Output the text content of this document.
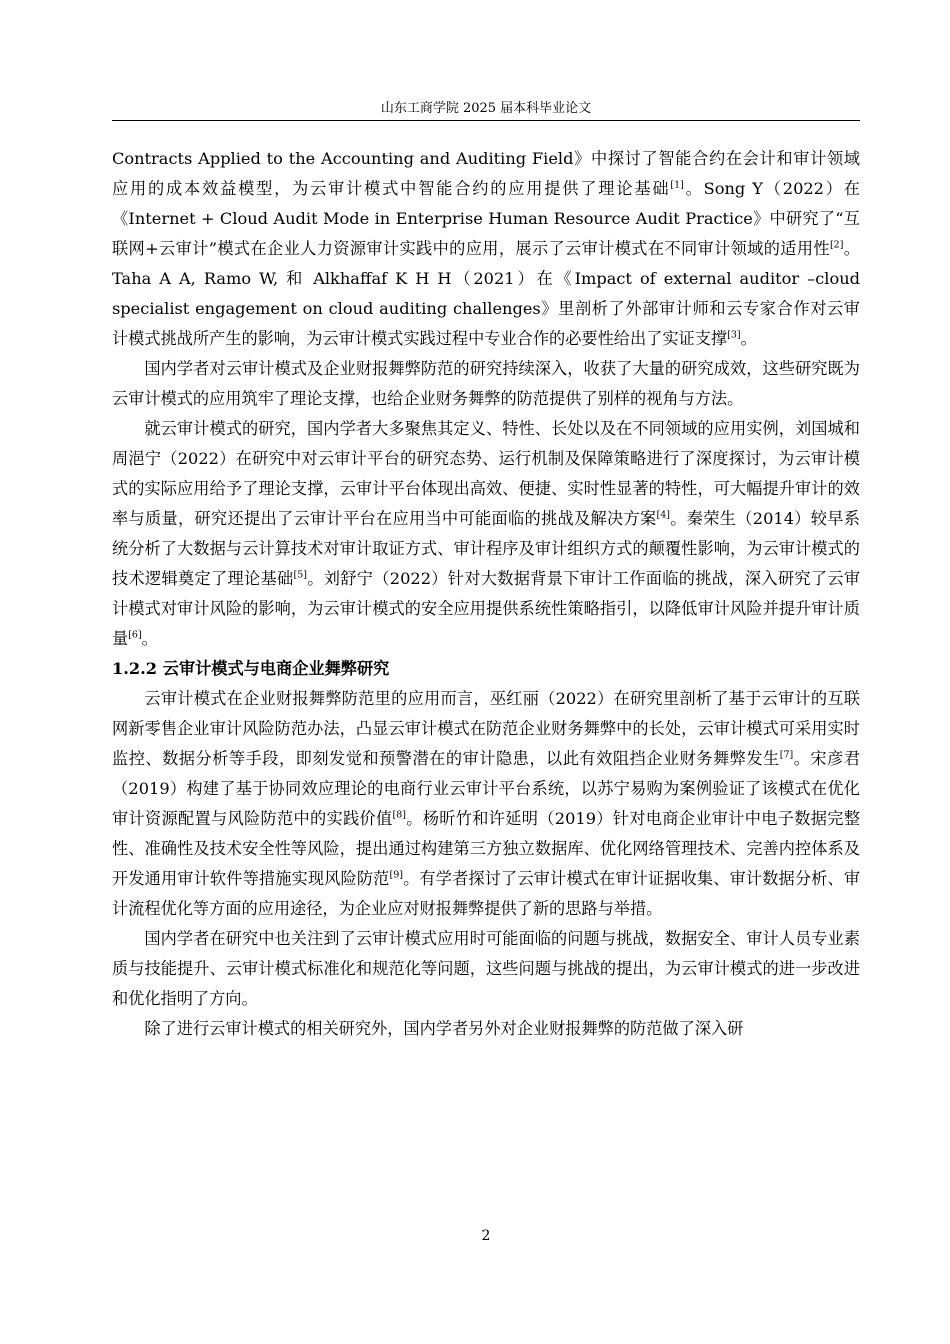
山东工商学院 2025 届本科毕业论文

Contracts Applied to the Accounting and Auditing Field》中探讨了智能合约在会计和审计领域应用的成本效益模型，为云审计模式中智能合约的应用提供了理论基础[1]。Song Y（2022）在《Internet + Cloud Audit Mode in Enterprise Human Resource Audit Practice》中研究了“互联网+云审计”模式在企业人力资源审计实践中的应用，展示了云审计模式在不同审计领域的适用性[2]。Taha A A, Ramo W, 和 Alkhaffaf K H H（2021）在《Impact of external auditor –cloud specialist engagement on cloud auditing challenges》里剖析了外部审计师和云专家合作对云审计模式挑战所产生的影响，为云审计模式实践过程中专业合作的必要性给出了实证支撑[3]。

国内学者对云审计模式及企业财报舞弊防范的研究持续深入，收获了大量的研究成效，这些研究既为云审计模式的应用筑牢了理论支撑，也给企业财务舞弊的防范提供了别样的视角与方法。

就云审计模式的研究，国内学者大多聚焦其定义、特性、长处以及在不同领域的应用实例，刘国城和周浥宁（2022）在研究中对云审计平台的研究态势、运行机制及保障策略进行了深度探讨，为云审计模式的实际应用给予了理论支撑，云审计平台体现出高效、便捷、实时性显著的特性，可大幅提升审计的效率与质量，研究还提出了云审计平台在应用当中可能面临的挑战及解决方案[4]。秦荣生（2014）较早系统分析了大数据与云计算技术对审计取证方式、审计程序及审计组织方式的颠覆性影响，为云审计模式的技术逻辑奠定了理论基础[5]。刘舒宁（2022）针对大数据背景下审计工作面临的挑战，深入研究了云审计模式对审计风险的影响，为云审计模式的安全应用提供系统性策略指引，以降低审计风险并提升审计质量[6]。

1.2.2 云审计模式与电商企业舞弊研究

云审计模式在企业财报舞弊防范里的应用而言，巫红丽（2022）在研究里剖析了基于云审计的互联网新零售企业审计风险防范办法，凸显云审计模式在防范企业财务舞弊中的长处，云审计模式可采用实时监控、数据分析等手段，即刻发觉和预警潜在的审计隐患，以此有效阻挡企业财务舞弊发生[7]。宋彦君（2019）构建了基于协同效应理论的电商行业云审计平台系统，以苏宁易购为案例验证了该模式在优化审计资源配置与风险防范中的实践价值[8]。杨昕竹和许延明（2019）针对电商企业审计中电子数据完整性、准确性及技术安全性等风险，提出通过构建第三方独立数据库、优化网络管理技术、完善内控体系及开发通用审计软件等措施实现风险防范[9]。有学者探讨了云审计模式在审计证据收集、审计数据分析、审计流程优化等方面的应用途径，为企业应对财报舞弊提供了新的思路与举措。

国内学者在研究中也关注到了云审计模式应用时可能面临的问题与挑战，数据安全、审计人员专业素质与技能提升、云审计模式标准化和规范化等问题，这些问题与挑战的提出，为云审计模式的进一步改进和优化指明了方向。

除了进行云审计模式的相关研究外，国内学者另外对企业财报舞弊的防范做了深入研

2
